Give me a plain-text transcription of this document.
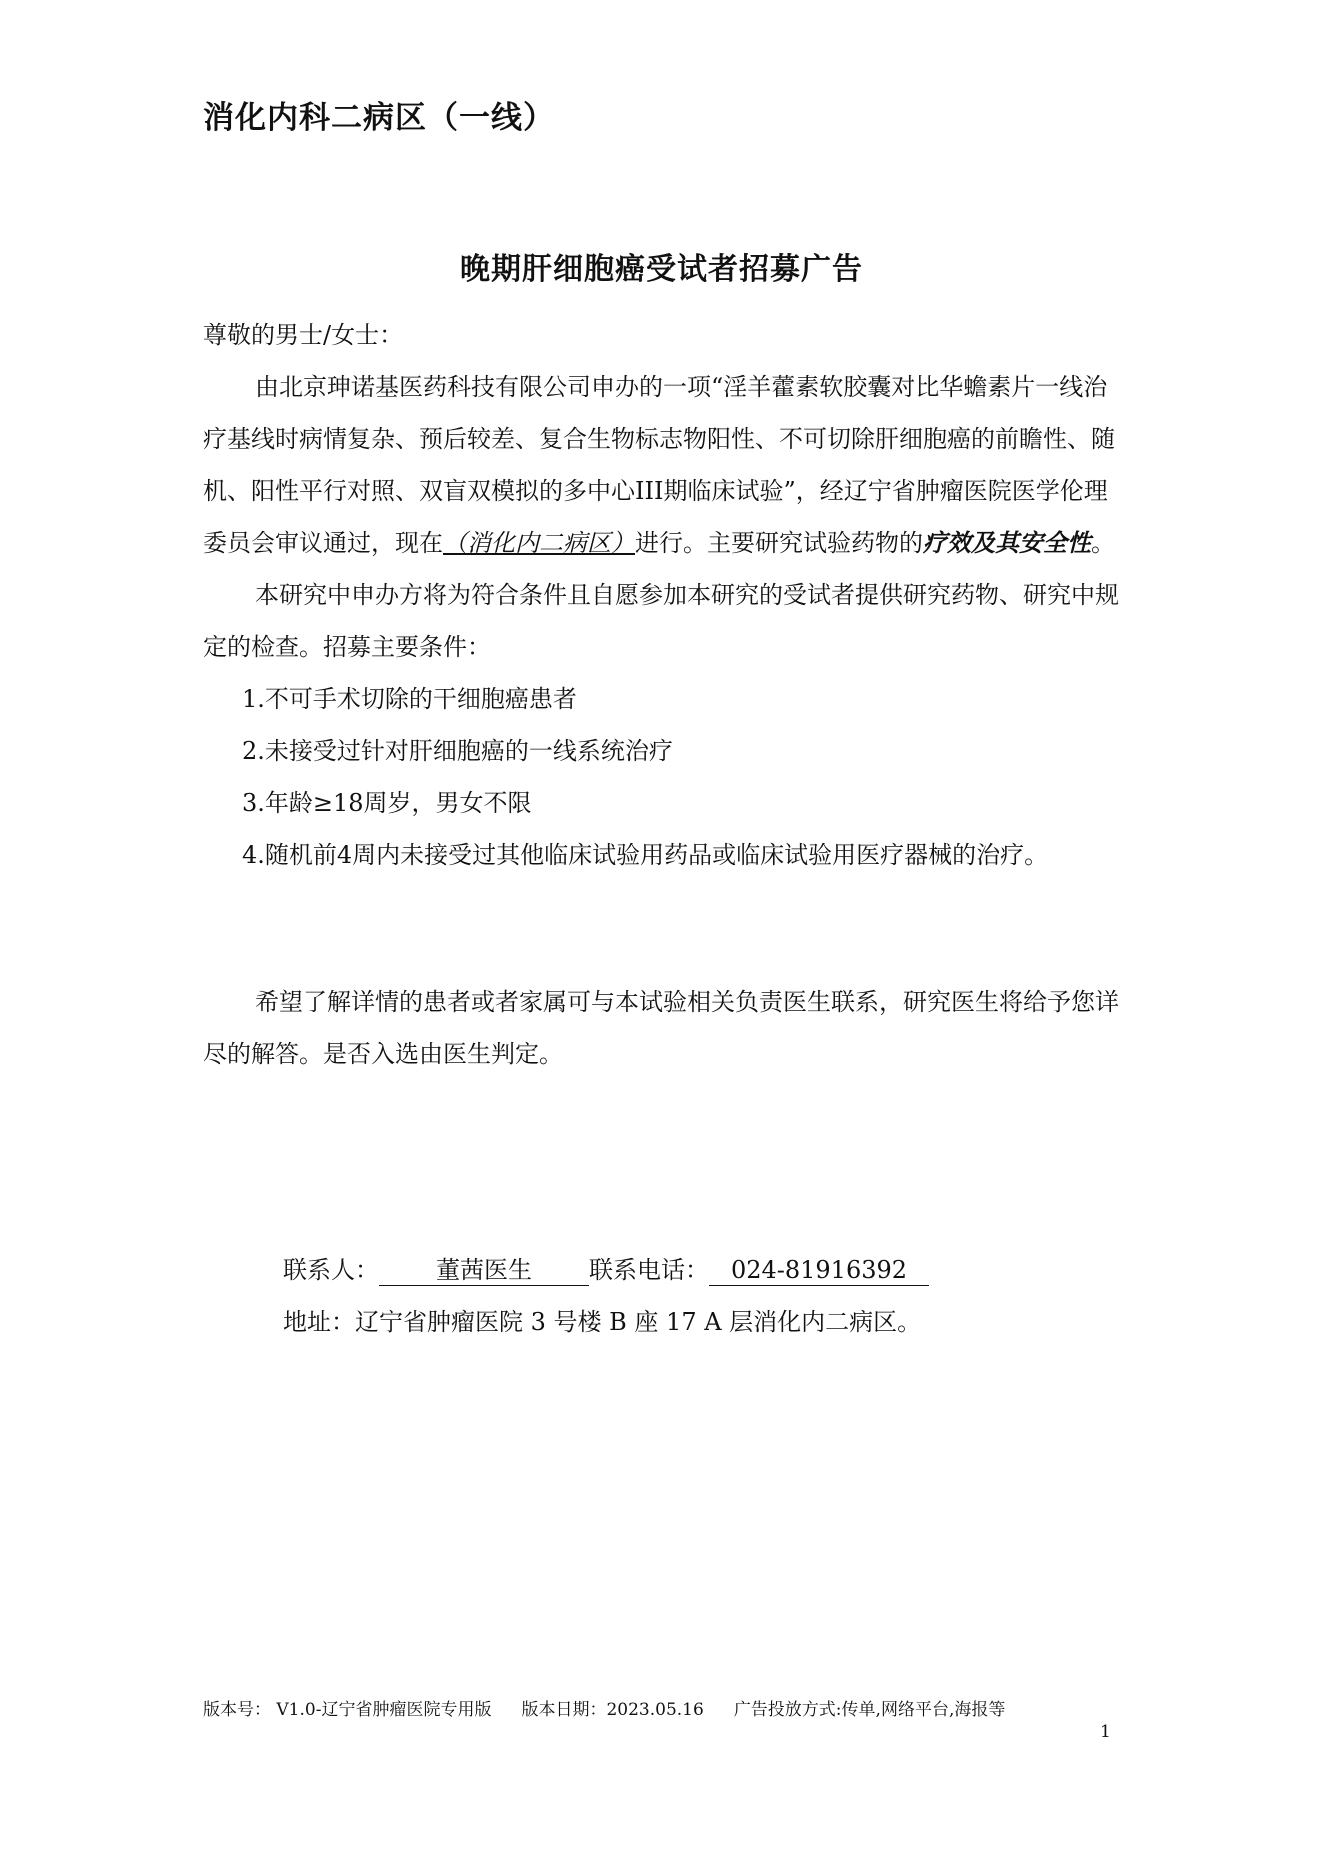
消化内科二病区（一线）
晚期肝细胞癌受试者招募广告

尊敬的男士/女士：

由北京珅诺基医药科技有限公司申办的一项“淫羊藿素软胶囊对比华蟾素片一线治疗基线时病情复杂、预后较差、复合生物标志物阳性、不可切除肝细胞癌的前瞻性、随机、阳性平行对照、双盲双模拟的多中心III期临床试验”，经辽宁省肿瘤医院医学伦理委员会审议通过，现在（消化内二病区）进行。主要研究试验药物的疗效及其安全性。

本研究中申办方将为符合条件且自愿参加本研究的受试者提供研究药物、研究中规定的检查。招募主要条件：

1.不可手术切除的干细胞癌患者

2.未接受过针对肝细胞癌的一线系统治疗

3.年龄≥18周岁，男女不限

4.随机前4周内未接受过其他临床试验用药品或临床试验用医疗器械的治疗。

希望了解详情的患者或者家属可与本试验相关负责医生联系，研究医生将给予您详尽的解答。是否入选由医生判定。

联系人： 董茜医生 联系电话： 024-81916392
地址：辽宁省肿瘤医院 3 号楼 B 座 17 A 层消化内二病区。
版本号： V1.0-辽宁省肿瘤医院专用版 版本日期：2023.05.16 广告投放方式:传单,网络平台,海报等
1
